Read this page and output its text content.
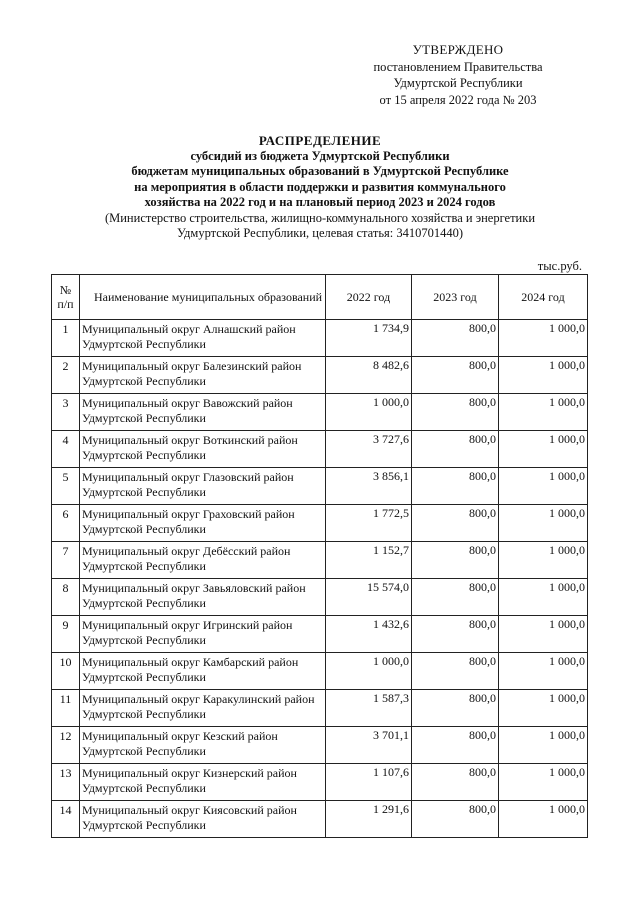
УТВЕРЖДЕНО
постановлением Правительства
Удмуртской Республики
от 15 апреля 2022 года № 203
РАСПРЕДЕЛЕНИЕ
субсидий из бюджета Удмуртской Республики
бюджетам муниципальных образований в Удмуртской Республике
на мероприятия в области поддержки и развития коммунального
хозяйства на 2022 год и на плановый период 2023 и 2024 годов
(Министерство строительства, жилищно-коммунального хозяйства и энергетики
Удмуртской Республики, целевая статья: 3410701440)
тыс.руб.
№
п/п	Наименование муниципальных образований	2022 год	2023 год	2024 год
1	Муниципальный округ Алнашский район Удмуртской Республики	1 734,9	800,0	1 000,0
2	Муниципальный округ Балезинский район Удмуртской Республики	8 482,6	800,0	1 000,0
3	Муниципальный округ Вавожский район Удмуртской Республики	1 000,0	800,0	1 000,0
4	Муниципальный округ Воткинский район Удмуртской Республики	3 727,6	800,0	1 000,0
5	Муниципальный округ Глазовский район Удмуртской Республики	3 856,1	800,0	1 000,0
6	Муниципальный округ Граховский район Удмуртской Республики	1 772,5	800,0	1 000,0
7	Муниципальный округ Дебёсский район Удмуртской Республики	1 152,7	800,0	1 000,0
8	Муниципальный округ Завьяловский район Удмуртской Республики	15 574,0	800,0	1 000,0
9	Муниципальный округ Игринский район Удмуртской Республики	1 432,6	800,0	1 000,0
10	Муниципальный округ Камбарский район Удмуртской Республики	1 000,0	800,0	1 000,0
11	Муниципальный округ Каракулинский район Удмуртской Республики	1 587,3	800,0	1 000,0
12	Муниципальный округ Кезский район Удмуртской Республики	3 701,1	800,0	1 000,0
13	Муниципальный округ Кизнерский район Удмуртской Республики	1 107,6	800,0	1 000,0
14	Муниципальный округ Киясовский район Удмуртской Республики	1 291,6	800,0	1 000,0
